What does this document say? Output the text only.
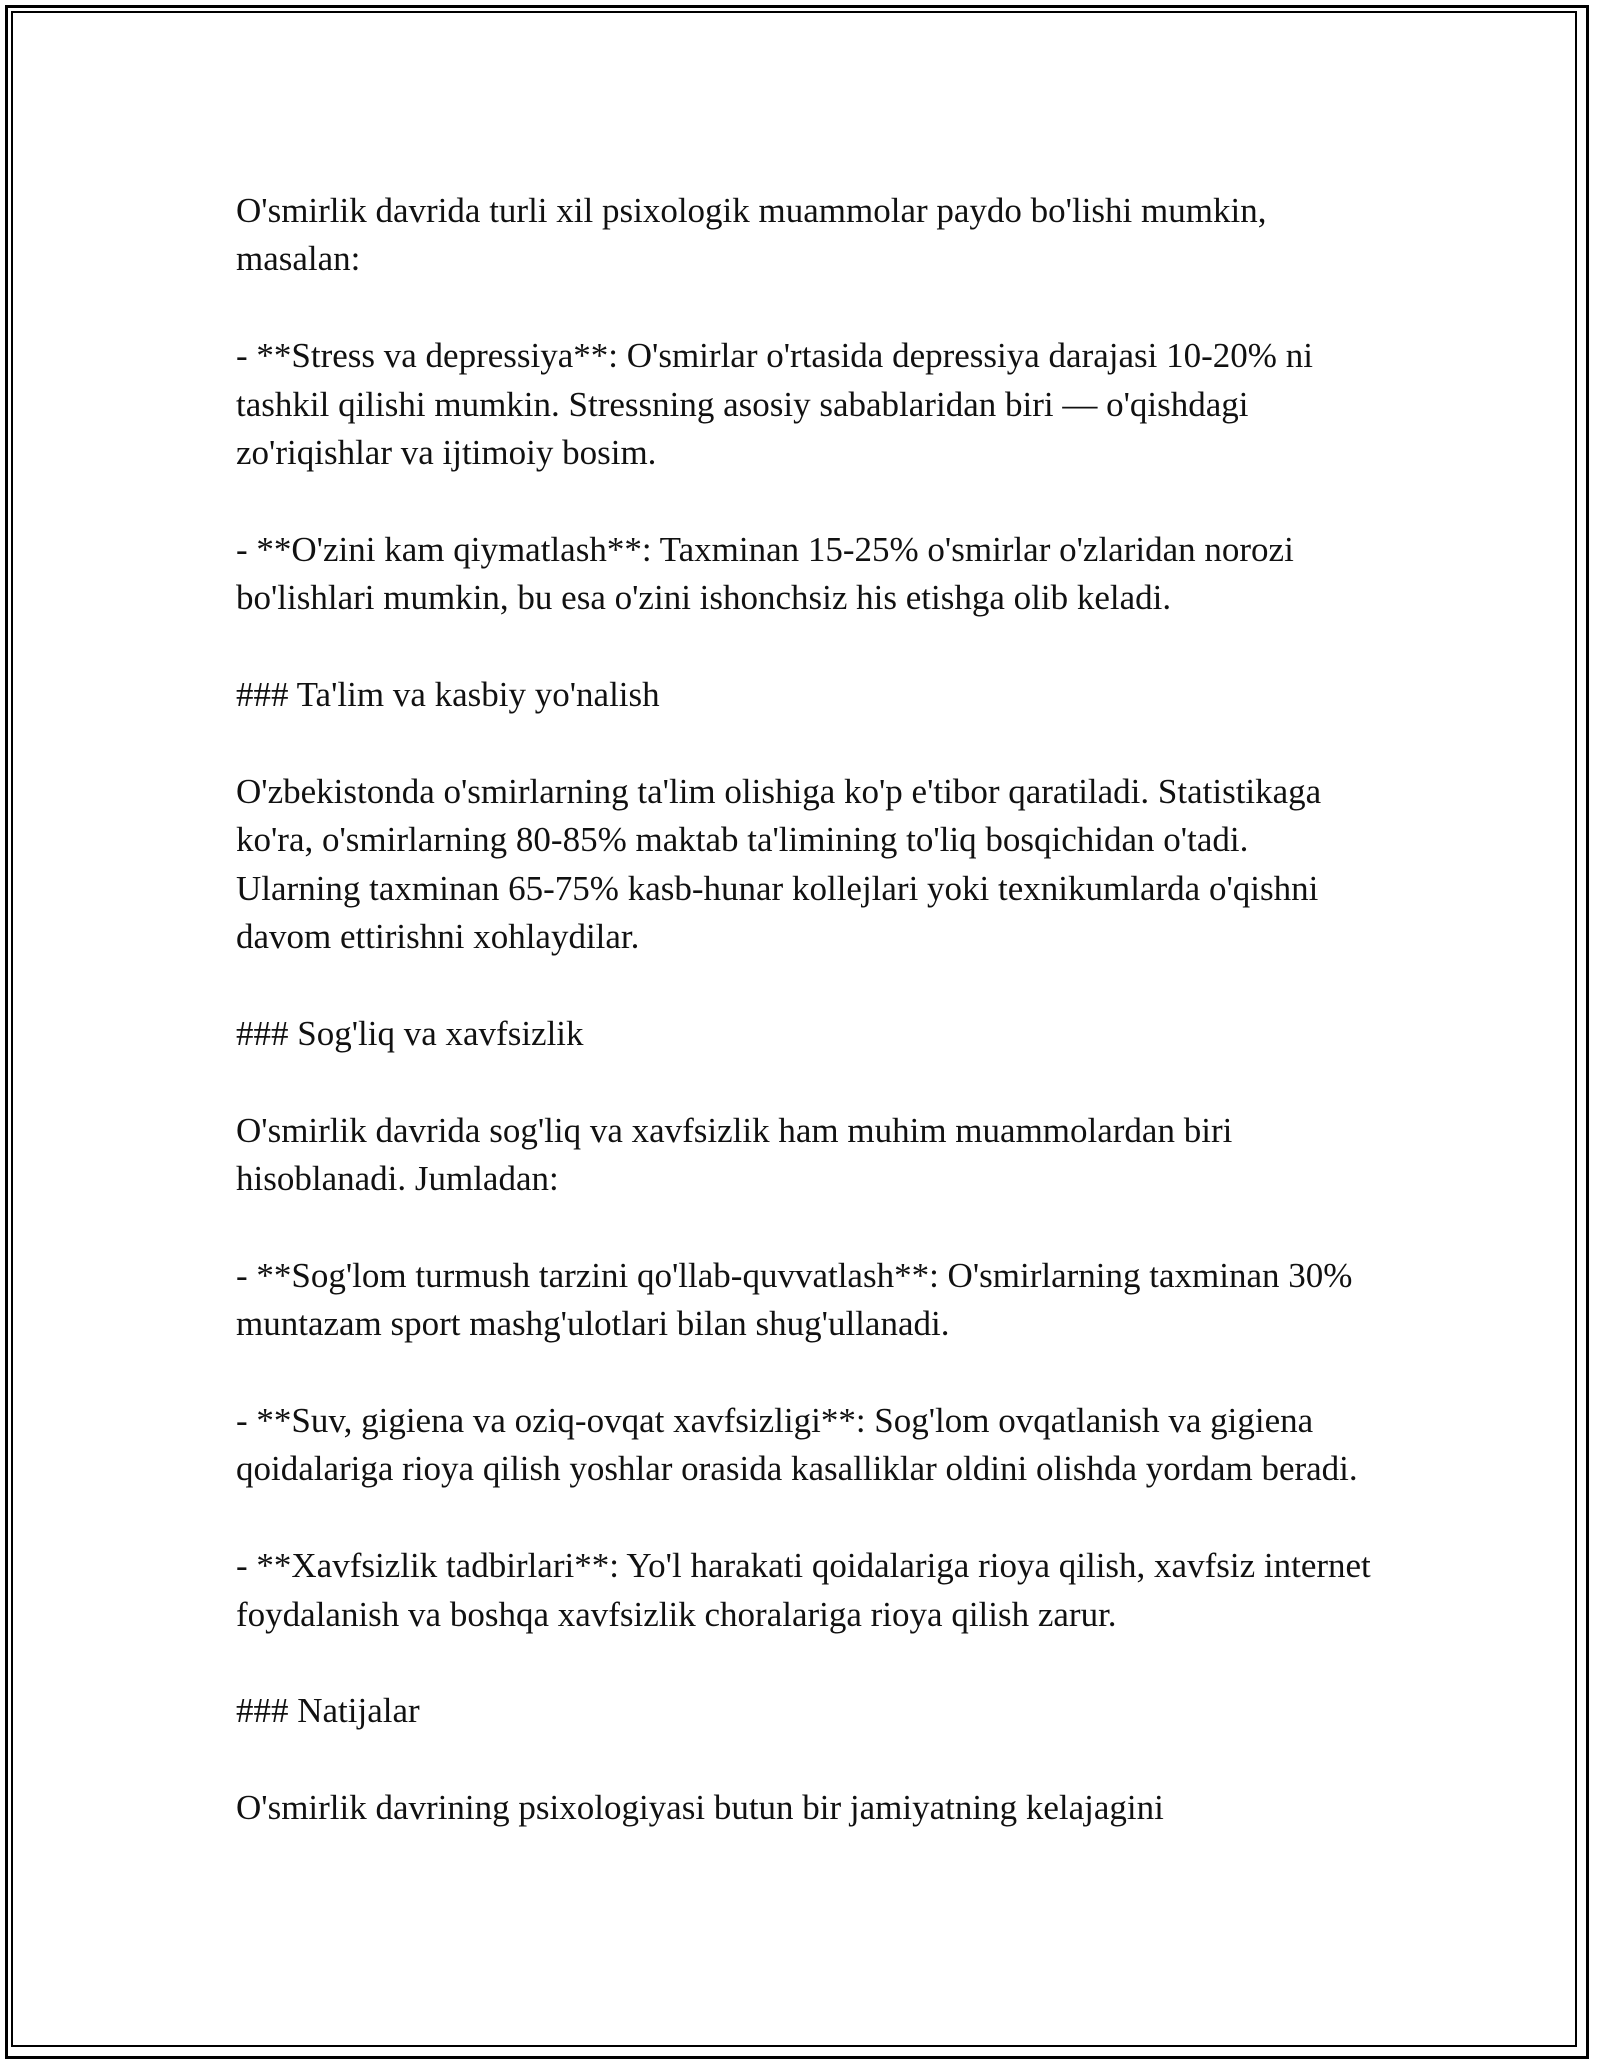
O'smirlik davrida turli xil psixologik muammolar paydo bo'lishi mumkin, masalan:

- **Stress va depressiya**: O'smirlar o'rtasida depressiya darajasi 10-20% ni tashkil qilishi mumkin. Stressning asosiy sabablaridan biri — o'qishdagi zo'riqishlar va ijtimoiy bosim.

- **O'zini kam qiymatlash**: Taxminan 15-25% o'smirlar o'zlaridan norozi bo'lishlari mumkin, bu esa o'zini ishonchsiz his etishga olib keladi.

### Ta'lim va kasbiy yo'nalish

O'zbekistonda o'smirlarning ta'lim olishiga ko'p e'tibor qaratiladi. Statistikaga ko'ra, o'smirlarning 80-85% maktab ta'limining to'liq bosqichidan o'tadi. Ularning taxminan 65-75% kasb-hunar kollejlari yoki texnikumlarda o'qishni davom ettirishni xohlaydilar.

### Sog'liq va xavfsizlik

O'smirlik davrida sog'liq va xavfsizlik ham muhim muammolardan biri hisoblanadi. Jumladan:

- **Sog'lom turmush tarzini qo'llab-quvvatlash**: O'smirlarning taxminan 30% muntazam sport mashg'ulotlari bilan shug'ullanadi.

- **Suv, gigiena va oziq-ovqat xavfsizligi**: Sog'lom ovqatlanish va gigiena qoidalariga rioya qilish yoshlar orasida kasalliklar oldini olishda yordam beradi.

- **Xavfsizlik tadbirlari**: Yo'l harakati qoidalariga rioya qilish, xavfsiz internet foydalanish va boshqa xavfsizlik choralariga rioya qilish zarur.

### Natijalar

O'smirlik davrining psixologiyasi butun bir jamiyatning kelajagini
